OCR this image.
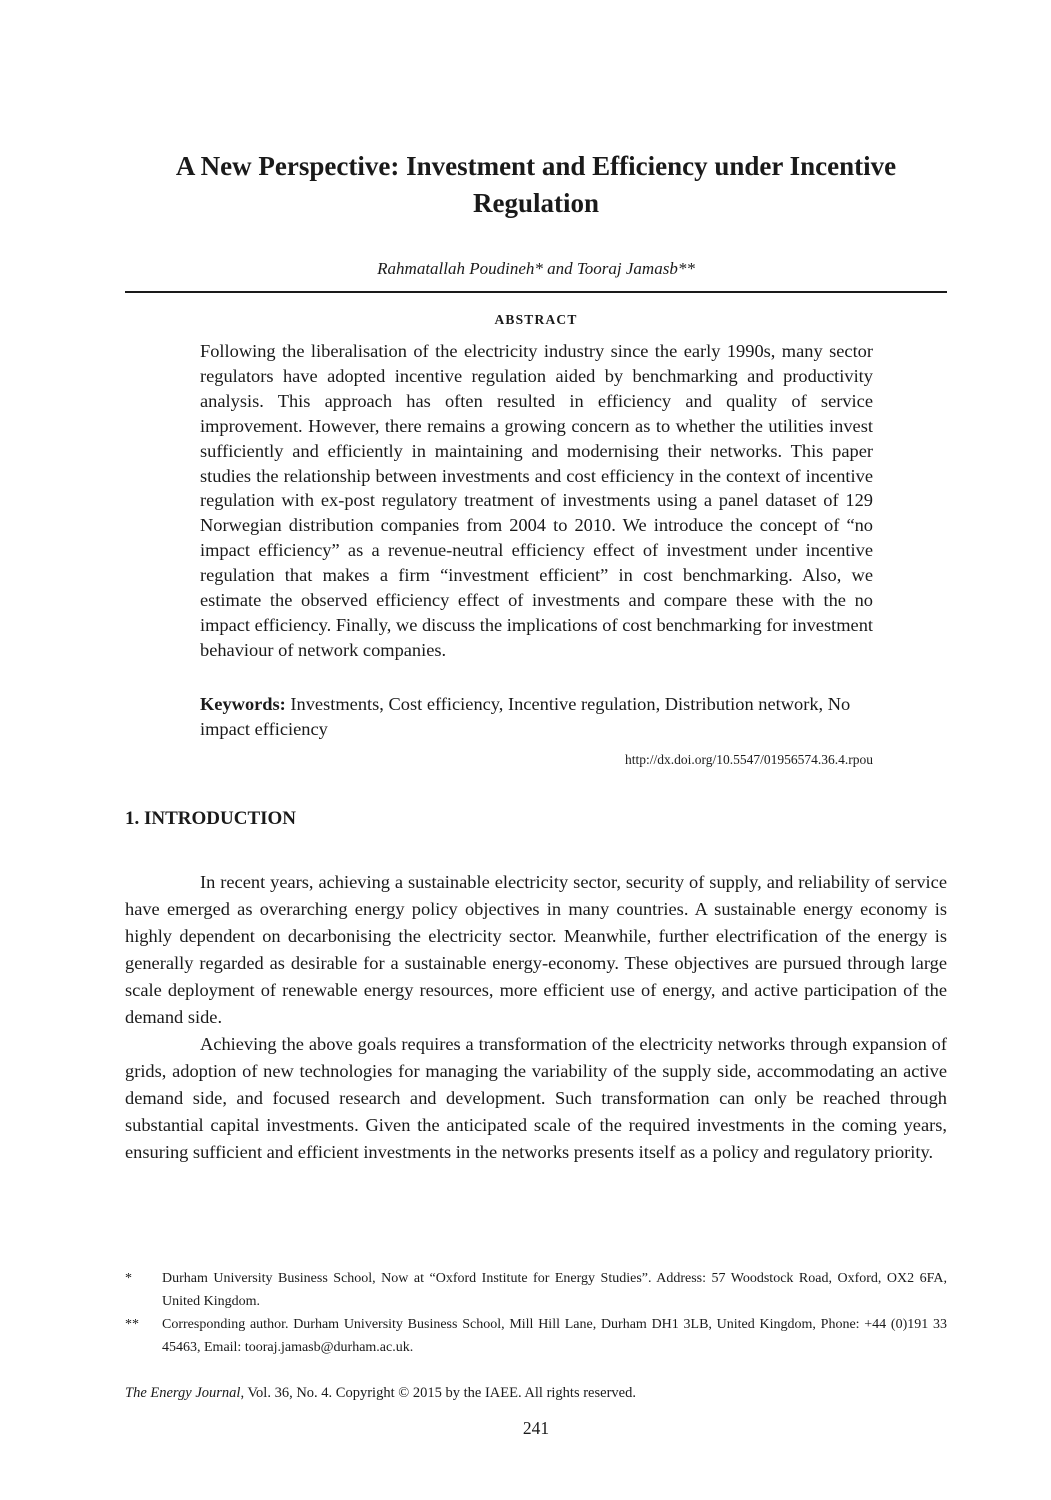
A New Perspective: Investment and Efficiency under Incentive Regulation
Rahmatallah Poudineh* and Tooraj Jamasb**
ABSTRACT
Following the liberalisation of the electricity industry since the early 1990s, many sector regulators have adopted incentive regulation aided by benchmarking and productivity analysis. This approach has often resulted in efficiency and quality of service improvement. However, there remains a growing concern as to whether the utilities invest sufficiently and efficiently in maintaining and modernising their networks. This paper studies the relationship between investments and cost efficiency in the context of incentive regulation with ex-post regulatory treatment of investments using a panel dataset of 129 Norwegian distribution companies from 2004 to 2010. We introduce the concept of “no impact efficiency” as a revenue-neutral efficiency effect of investment under incentive regulation that makes a firm “investment efficient” in cost benchmarking. Also, we estimate the observed efficiency effect of investments and compare these with the no impact efficiency. Finally, we discuss the implications of cost benchmarking for investment behaviour of network companies.
Keywords: Investments, Cost efficiency, Incentive regulation, Distribution network, No impact efficiency
http://dx.doi.org/10.5547/01956574.36.4.rpou
1. INTRODUCTION

In recent years, achieving a sustainable electricity sector, security of supply, and reliability of service have emerged as overarching energy policy objectives in many countries. A sustainable energy economy is highly dependent on decarbonising the electricity sector. Meanwhile, further electrification of the energy is generally regarded as desirable for a sustainable energy-economy. These objectives are pursued through large scale deployment of renewable energy resources, more efficient use of energy, and active participation of the demand side.

Achieving the above goals requires a transformation of the electricity networks through expansion of grids, adoption of new technologies for managing the variability of the supply side, accommodating an active demand side, and focused research and development. Such transformation can only be reached through substantial capital investments. Given the anticipated scale of the required investments in the coming years, ensuring sufficient and efficient investments in the networks presents itself as a policy and regulatory priority.

*	Durham University Business School, Now at “Oxford Institute for Energy Studies”. Address: 57 Woodstock Road, Oxford, OX2 6FA, United Kingdom.
**	Corresponding author. Durham University Business School, Mill Hill Lane, Durham DH1 3LB, United Kingdom, Phone: +44 (0)191 33 45463, Email: tooraj.jamasb@durham.ac.uk.
The Energy Journal, Vol. 36, No. 4. Copyright © 2015 by the IAEE. All rights reserved.
241
